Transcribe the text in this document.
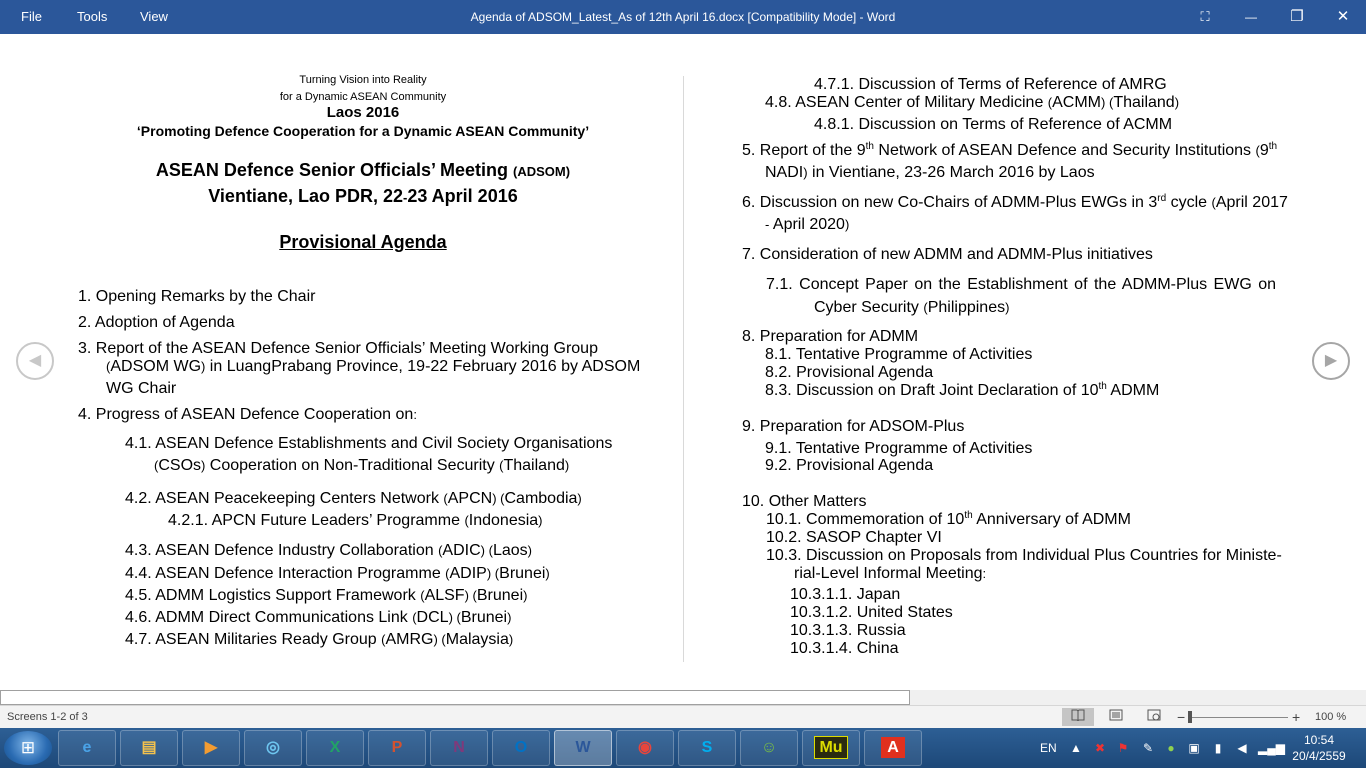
File	Tools	View	Agenda of ADSOM_Latest_As of 12th April 16.docx [Compatibility Mode] - Word	⛶	—	❐	✕
◀	▶
Turning Vision into Reality
for a Dynamic ASEAN Community
Laos 2016
‘Promoting Defence Cooperation for a Dynamic ASEAN Community’
ASEAN Defence Senior Officials’ Meeting (ADSOM)
Vientiane, Lao PDR, 22-23 April 2016
Provisional Agenda
1. Opening Remarks by the Chair
2. Adoption of Agenda
3. Report of the ASEAN Defence Senior Officials’ Meeting Working Group
(ADSOM WG) in LuangPrabang Province, 19-22 February 2016 by ADSOM
WG Chair
4. Progress of ASEAN Defence Cooperation on:
4.1. ASEAN Defence Establishments and Civil Society Organisations
(CSOs) Cooperation on Non-Traditional Security (Thailand)
4.2. ASEAN Peacekeeping Centers Network (APCN) (Cambodia)
4.2.1. APCN Future Leaders’ Programme (Indonesia)
4.3. ASEAN Defence Industry Collaboration (ADIC) (Laos)
4.4. ASEAN Defence Interaction Programme (ADIP) (Brunei)
4.5. ADMM Logistics Support Framework (ALSF) (Brunei)
4.6. ADMM Direct Communications Link (DCL) (Brunei)
4.7. ASEAN Militaries Ready Group (AMRG) (Malaysia)
4.7.1. Discussion of Terms of Reference of AMRG
4.8. ASEAN Center of Military Medicine (ACMM) (Thailand)
4.8.1. Discussion on Terms of Reference of ACMM
5. Report of the 9th Network of ASEAN Defence and Security Institutions (9th
NADI) in Vientiane, 23-26 March 2016 by Laos
6. Discussion on new Co-Chairs of ADMM-Plus EWGs in 3rd cycle (April 2017
- April 2020)
7. Consideration of new ADMM and ADMM-Plus initiatives
7.1. Concept Paper on the Establishment of the ADMM-Plus EWG on
Cyber Security (Philippines)
8. Preparation for ADMM
8.1. Tentative Programme of Activities
8.2. Provisional Agenda
8.3. Discussion on Draft Joint Declaration of 10th ADMM
9. Preparation for ADSOM-Plus
9.1. Tentative Programme of Activities
9.2. Provisional Agenda
10. Other Matters
10.1. Commemoration of 10th Anniversary of ADMM
10.2. SASOP Chapter VI
10.3. Discussion on Proposals from Individual Plus Countries for Ministe-
rial-Level Informal Meeting:
10.3.1.1. Japan
10.3.1.2. United States
10.3.1.3. Russia
10.3.1.4. China
Screens 1-2 of 3	−	+ 100 %
⊞	e	▤	▶	◎	X	P	N	O	W	◉	S	☺	Mu	A	EN ▲ ✖ ⚑ ✎	●	▣	▮	◀ ▂▄▆
10:54
20/4/2559
